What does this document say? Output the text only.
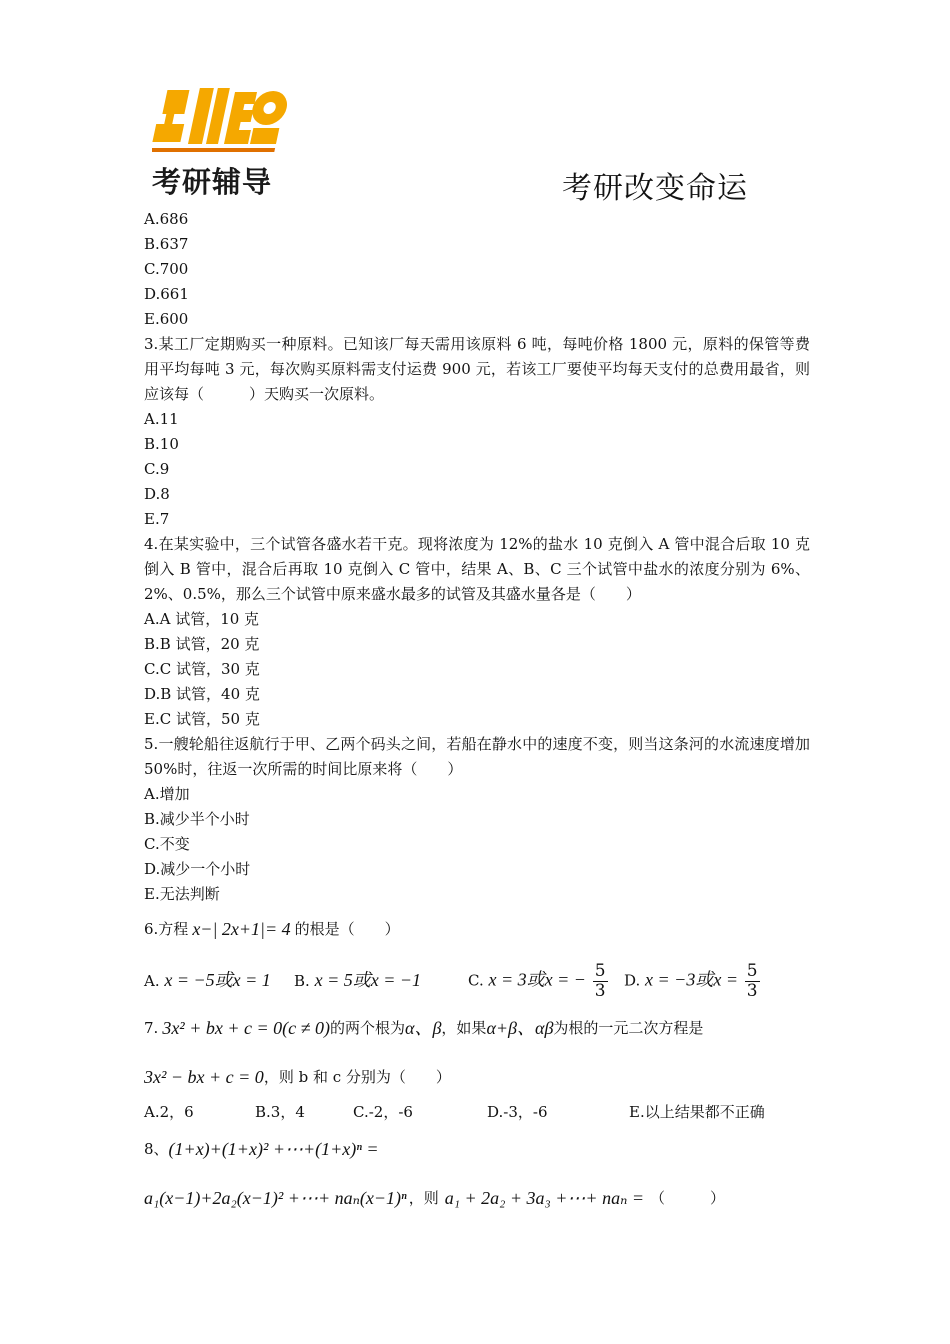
考研辅导	考研改变命运
A.686
B.637
C.700
D.661
E.600
3.某工厂定期购买一种原料。已知该厂每天需用该原料 6 吨，每吨价格 1800 元，原料的保管等费用平均每吨 3 元，每次购买原料需支付运费 900 元，若该工厂要使平均每天支付的总费用最省，则应该每（　　　）天购买一次原料。
A.11
B.10
C.9
D.8
E.7
4.在某实验中，三个试管各盛水若干克。现将浓度为 12%的盐水 10 克倒入 A 管中混合后取 10 克倒入 B 管中，混合后再取 10 克倒入 C 管中，结果 A、B、C 三个试管中盐水的浓度分别为 6%、2%、0.5%，那么三个试管中原来盛水最多的试管及其盛水量各是（　　）
A.A 试管，10 克
B.B 试管，20 克
C.C 试管，30 克
D.B 试管，40 克
E.C 试管，50 克
5.一艘轮船往返航行于甲、乙两个码头之间，若船在静水中的速度不变，则当这条河的水流速度增加 50%时，往返一次所需的时间比原来将（　　）
A.增加
B.减少半个小时
C.不变
D.减少一个小时
E.无法判断
6.方程 x−| 2x+1|= 4 的根是（　　）
A. x = −5或x = 1	B. x = 5或x = −1	C. x = 3或x = − $\frac{5}{3} D$. x = −3或$x = \frac{5}{3}$
7. 3x² + bx + c = 0(c ≠ 0) 的两个根为 α、β ，如果 α+β、αβ 为根的一元二次方程是
3x² − bx + c = 0 ，则 b 和 c 分别为（　　）
A.2，6	B.3，4	C.-2，-6	D.-3，-6	E.以上结果都不正确
8、 (1+x)+(1+x)² +⋯+(1+x)ⁿ =
a₁(x−1)+2a₂(x−1)² +⋯+ naₙ(x−1)ⁿ ，则 a₁ + 2a₂ + 3a₃ +⋯+ naₙ = （　　　）
